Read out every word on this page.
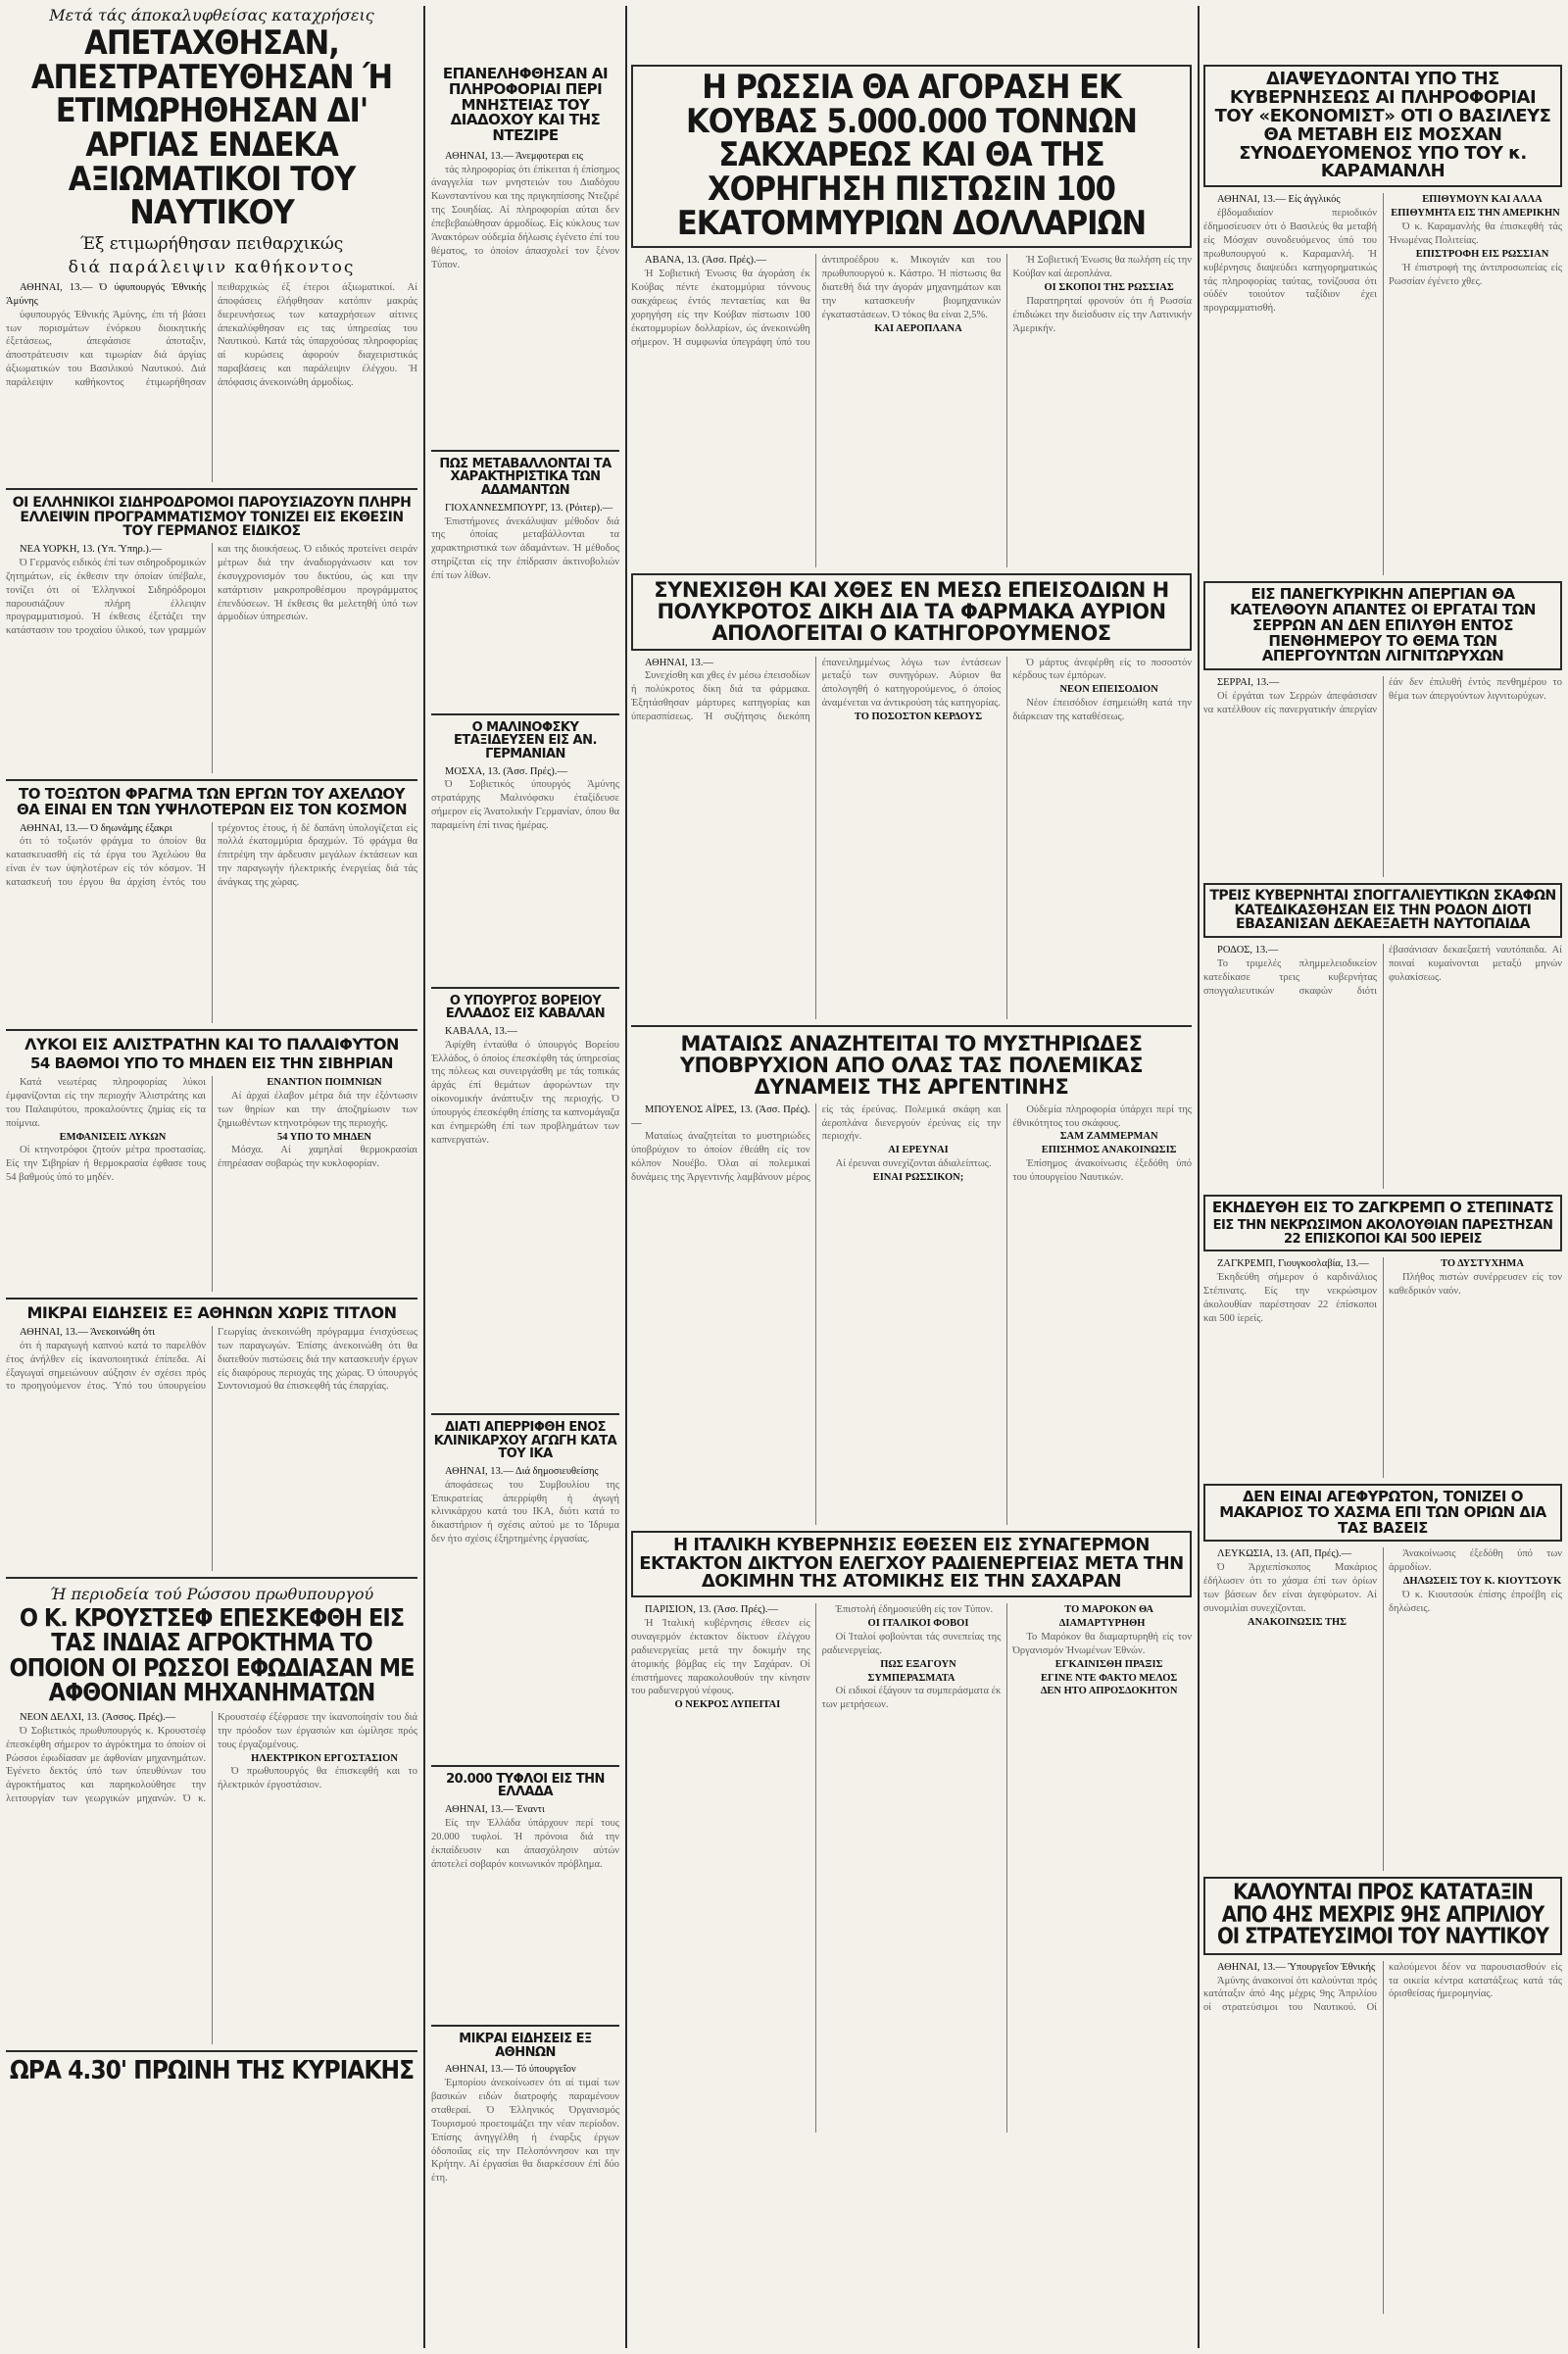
Μετά τάς άποκαλυφθείσας καταχρήσεις
ΑΠΕΤΑΧΘΗΣΑΝ, ΑΠΕΣΤΡΑΤΕΥΘΗΣΑΝ Ή ΕΤΙΜΩΡΗΘΗΣΑΝ ΔΙ' ΑΡΓΙΑΣ ΕΝΔΕΚΑ ΑΞΙΩΜΑΤΙΚΟΙ ΤΟΥ ΝΑΥΤΙΚΟΥ
Έξ ετιμωρήθησαν πειθαρχικώς
διά παράλειψιν καθήκοντος

ΑΘΗΝΑΙ, 13.— Ό ύφυπουργός Έθνικής Άμύνης

ύφυπουργός Έθνικής Άμύνης, έπι τή βάσει των πορισμάτων ένόρκου διοικητικής έξετάσεως, άπεφάσισε άποταξιν, άποστράτευσιν και τιμωρίαν διά άργίας άξιωματικών του Βασιλικού Ναυτικού. Διά παράλειψιν καθήκοντος έτιμωρήθησαν πειθαρχικώς έξ έτεροι άξιωματικοί. Αί άποφάσεις έλήφθησαν κατόπιν μακράς διερευνήσεως των καταχρήσεων αίτινες άπεκαλύφθησαν εις τας ύπηρεσίας του Ναυτικού. Κατά τάς ύπαρχούσας πληροφορίας αί κυρώσεις άφορούν διαχειριστικάς παραβάσεις και παράλειψιν έλέγχου. Ή άπόφασις άνεκοινώθη άρμοδίως.

ΟΙ ΕΛΛΗΝΙΚΟΙ ΣΙΔΗΡΟΔΡΟΜΟΙ ΠΑΡΟΥΣΙΑΖΟΥΝ ΠΛΗΡΗ ΕΛΛΕΙΨΙΝ ΠΡΟΓΡΑΜΜΑΤΙΣΜΟΥ ΤΟΝΙΖΕΙ ΕΙΣ ΕΚΘΕΣΙΝ ΤΟΥ ΓΕΡΜΑΝΟΣ ΕΙΔΙΚΟΣ

ΝΕΑ ΥΟΡΚΗ, 13. (Υπ. Ύπηρ.).—

Ό Γερμανός ειδικός έπί των σιδηροδρομικών ζητημάτων, είς έκθεσιν την όποίαν ύπέβαλε, τονίζει ότι οί Έλληνικοί Σιδηρόδρομοι παρουσιάζουν πλήρη έλλειψιν προγραμματισμού. Ή έκθεσις έξετάζει την κατάστασιν του τροχαίου ύλικού, των γραμμών και της διοικήσεως. Ό ειδικός προτείνει σειράν μέτρων διά την άναδιοργάνωσιν και τον έκσυγχρονισμόν του δικτύου, ώς και την κατάρτισιν μακροπροθέσμου προγράμματος έπενδύσεων. Ή έκθεσις θα μελετηθή ύπό των άρμοδίων ύπηρεσιών.

ΤΟ ΤΟΞΩΤΟΝ ΦΡΑΓΜΑ ΤΩΝ ΕΡΓΩΝ ΤΟΥ ΑΧΕΛΩΟΥ ΘΑ ΕΙΝΑΙ ΕΝ ΤΩΝ ΥΨΗΛΟΤΕΡΩΝ ΕΙΣ ΤΟΝ ΚΟΣΜΟΝ

ΑΘΗΝΑΙ, 13.— Ό δηωνάμης έξακρι

ότι τό τοξωτόν φράγμα το όποίον θα κατασκευασθή είς τά έργα του Άχελώου θα είναι έν των ύψηλοτέρων είς τόν κόσμον. Ή κατασκευή του έργου θα άρχίση έντός του τρέχοντος έτους, ή δέ δαπάνη ύπολογίζεται είς πολλά έκατομμύρια δραχμών. Τό φράγμα θα έπιτρέψη την άρδευσιν μεγάλων έκτάσεων και την παραγωγήν ήλεκτρικής ένεργείας διά τάς άνάγκας της χώρας.

ΛΥΚΟΙ ΕΙΣ ΑΛΙΣΤΡΑΤΗΝ ΚΑΙ ΤΟ ΠΑΛΑΙΦΥΤΟΝ
54 ΒΑΘΜΟΙ ΥΠΟ ΤΟ ΜΗΔΕΝ ΕΙΣ ΤΗΝ ΣΙΒΗΡΙΑΝ

Κατά νεωτέρας πληροφορίας λύκοι έμφανίζονται είς την περιοχήν Άλιστράτης και του Παλαιφύτου, προκαλούντες ζημίας είς τα ποίμνια.

ΕΜΦΑΝΙΣΕΙΣ ΛΥΚΩΝ

Οί κτηνοτρόφοι ζητούν μέτρα προστασίας. Είς την Σιβηρίαν ή θερμοκρασία έφθασε τους 54 βαθμούς ύπό το μηδέν.

ΕΝΑΝΤΙΟΝ ΠΟΙΜΝΙΩΝ

Αί άρχαί έλαβον μέτρα διά την έξόντωσιν των θηρίων και την άποζημίωσιν των ζημιωθέντων κτηνοτρόφων της περιοχής.

54 ΥΠΟ ΤΟ ΜΗΔΕΝ

Μόσχα. Αί χαμηλαί θερμοκρασίαι έπηρέασαν σοβαρώς την κυκλοφορίαν.

ΜΙΚΡΑΙ ΕΙΔΗΣΕΙΣ ΕΞ ΑΘΗΝΩΝ ΧΩΡΙΣ ΤΙΤΛΟΝ

ΑΘΗΝΑΙ, 13.— Άνεκοινώθη ότι

ότι ή παραγωγή καπνού κατά το παρελθόν έτος άνήλθεν είς ίκανοποιητικά έπίπεδα. Αί έξαγωγαί σημειώνουν αύξησιν έν σχέσει πρός το προηγούμενον έτος. Ύπό του ύπουργείου Γεωργίας άνεκοινώθη πρόγραμμα ένισχύσεως των παραγωγών. Έπίσης άνεκοινώθη ότι θα διατεθούν πιστώσεις διά την κατασκευήν έργων είς διαφόρους περιοχάς της χώρας. Ό ύπουργός Συντονισμού θα έπισκεφθή τάς έπαρχίας.

Ή περιοδεία τού Ρώσσου πρωθυπουργού
Ο Κ. ΚΡΟΥΣΤΣΕΦ ΕΠΕΣΚΕΦΘΗ ΕΙΣ ΤΑΣ ΙΝΔΙΑΣ ΑΓΡΟΚΤΗΜΑ ΤΟ ΟΠΟΙΟΝ ΟΙ ΡΩΣΣΟΙ ΕΦΩΔΙΑΣΑΝ ΜΕ ΑΦΘΟΝΙΑΝ ΜΗΧΑΝΗΜΑΤΩΝ

ΝΕΟΝ ΔΕΛΧΙ, 13. (Άσσος. Πρές).—

Ό Σοβιετικός πρωθυπουργός κ. Κρουστσέφ έπεσκέφθη σήμερον το άγρόκτημα το όποίον οί Ρώσσοι έφωδίασαν με άφθονίαν μηχανημάτων. Έγένετο δεκτός ύπό των ύπευθύνων του άγροκτήματος και παρηκολούθησε την λειτουργίαν των γεωργικών μηχανών. Ό κ. Κρουστσέφ έξέφρασε την ίκανοποίησίν του διά την πρόοδον των έργασιών και ώμίλησε πρός τους έργαζομένους.

ΗΛΕΚΤΡΙΚΟΝ ΕΡΓΟΣΤΑΣΙΟΝ

Ό πρωθυπουργός θα έπισκεφθή και το ήλεκτρικόν έργοστάσιον.

ΩΡΑ 4.30' ΠΡΩΙΝΗ ΤΗΣ ΚΥΡΙΑΚΗΣ
ΕΠΑΝΕΛΗΦΘΗΣΑΝ ΑΙ ΠΛΗΡΟΦΟΡΙΑΙ ΠΕΡΙ ΜΝΗΣΤΕΙΑΣ ΤΟΥ ΔΙΑΔΟΧΟΥ ΚΑΙ ΤΗΣ ΝΤΕΖΙΡΕ

ΑΘΗΝΑΙ, 13.— Άνεμφοτεραι εις

τάς πληροφορίας ότι έπίκειται ή έπίσημος άναγγελία των μνηστειών του Διαδόχου Κωνσταντίνου και της πριγκηπίσσης Ντεζιρέ της Σουηδίας. Αί πληροφορίαι αύται δεν έπεβεβαιώθησαν άρμοδίως. Είς κύκλους των Άνακτόρων ούδεμία δήλωσις έγένετο έπί του θέματος, το όποίον άπασχολεί τον ξένον Τύπον.

ΠΩΣ ΜΕΤΑΒΑΛΛΟΝΤΑΙ ΤΑ ΧΑΡΑΚΤΗΡΙΣΤΙΚΑ ΤΩΝ ΑΔΑΜΑΝΤΩΝ

ΓΙΟΧΑΝΝΕΣΜΠΟΥΡΓ, 13. (Ρόιτερ).—

Έπιστήμονες άνεκάλυψαν μέθοδον διά της όποίας μεταβάλλονται τα χαρακτηριστικά των άδαμάντων. Ή μέθοδος στηρίζεται είς την έπίδρασιν άκτινοβολιών έπί των λίθων.

Ο ΜΑΛΙΝΟΦΣΚΥ ΕΤΑΞΙΔΕΥΣΕΝ ΕΙΣ ΑΝ. ΓΕΡΜΑΝΙΑΝ

ΜΟΣΧΑ, 13. (Άσσ. Πρές).—

Ό Σοβιετικός ύπουργός Άμύνης στρατάρχης Μαλινόφσκυ έταξίδευσε σήμερον είς Άνατολικήν Γερμανίαν, όπου θα παραμείνη έπί τινας ήμέρας.

Ο ΥΠΟΥΡΓΟΣ ΒΟΡΕΙΟΥ ΕΛΛΑΔΟΣ ΕΙΣ ΚΑΒΑΛΑΝ

ΚΑΒΑΛΑ, 13.—

Άφίχθη ένταύθα ό ύπουργός Βορείου Έλλάδος, ό όποίος έπεσκέφθη τάς ύπηρεσίας της πόλεως και συνειργάσθη με τάς τοπικάς άρχάς έπί θεμάτων άφορώντων την οίκονομικήν άνάπτυξιν της περιοχής. Ό ύπουργός έπεσκέφθη έπίσης τα καπνομάγαζα και ένημερώθη έπί των προβλημάτων των καπνεργατών.

ΔΙΑΤΙ ΑΠΕΡΡΙΦΘΗ ΕΝΟΣ ΚΛΙΝΙΚΑΡΧΟΥ ΑΓΩΓΗ ΚΑΤΑ ΤΟΥ ΙΚΑ

ΑΘΗΝΑΙ, 13.— Διά δημοσιευθείσης

άποφάσεως του Συμβουλίου της Έπικρατείας άπερρίφθη ή άγωγή κλινικάρχου κατά του ΙΚΑ, διότι κατά το δικαστήριον ή σχέσις αύτού με το Ίδρυμα δεν ήτο σχέσις έξηρτημένης έργασίας.

20.000 ΤΥΦΛΟΙ ΕΙΣ ΤΗΝ ΕΛΛΑΔΑ

ΑΘΗΝΑΙ, 13.— Έναντι

Είς την Έλλάδα ύπάρχουν περί τους 20.000 τυφλοί. Ή πρόνοια διά την έκπαίδευσιν και άπασχόλησιν αύτών άποτελεί σοβαρόν κοινωνικόν πρόβλημα.

ΜΙΚΡΑΙ ΕΙΔΗΣΕΙΣ ΕΞ ΑΘΗΝΩΝ

ΑΘΗΝΑΙ, 13.— Τό ύπουργεΐον

Έμπορίου άνεκοίνωσεν ότι αί τιμαί των βασικών ειδών διατροφής παραμένουν σταθεραί. Ό Έλληνικός Όργανισμός Τουρισμού προετοιμάζει την νέαν περίοδον. Έπίσης άνηγγέλθη ή έναρξις έργων όδοποιΐας είς την Πελοπόννησον και την Κρήτην. Αί έργασίαι θα διαρκέσουν έπί δύο έτη.

Η ΡΩΣΣΙΑ ΘΑ ΑΓΟΡΑΣΗ ΕΚ ΚΟΥΒΑΣ 5.000.000 ΤΟΝΝΩΝ ΣΑΚΧΑΡΕΩΣ ΚΑΙ ΘΑ ΤΗΣ ΧΟΡΗΓΗΣΗ ΠΙΣΤΩΣΙΝ 100 ΕΚΑΤΟΜΜΥΡΙΩΝ ΔΟΛΛΑΡΙΩΝ

ΑΒΑΝΑ, 13. (Άσσ. Πρές).—

Ή Σοβιετική Ένωσις θα άγοράση έκ Κούβας πέντε έκατομμύρια τόννους σακχάρεως έντός πενταετίας και θα χορηγήση είς την Κούβαν πίστωσιν 100 έκατομμυρίων δολλαρίων, ώς άνεκοινώθη σήμερον. Ή συμφωνία ύπεγράφη ύπό του άντιπροέδρου κ. Μικογιάν και του πρωθυπουργού κ. Κάστρο. Ή πίστωσις θα διατεθή διά την άγοράν μηχανημάτων και την κατασκευήν βιομηχανικών έγκαταστάσεων. Ό τόκος θα είναι 2,5%.

ΚΑΙ ΑΕΡΟΠΛΑΝΑ

Ή Σοβιετική Ένωσις θα πωλήση είς την Κούβαν καί άεροπλάνα.

ΟΙ ΣΚΟΠΟΙ ΤΗΣ ΡΩΣΣΙΑΣ

Παρατηρηταί φρονούν ότι ή Ρωσσία έπιδιώκει την διείσδυσιν είς την Λατινικήν Άμερικήν.

ΣΥΝΕΧΙΣΘΗ ΚΑΙ ΧΘΕΣ ΕΝ ΜΕΣΩ ΕΠΕΙΣΟΔΙΩΝ Η ΠΟΛΥΚΡΟΤΟΣ ΔΙΚΗ ΔΙΑ ΤΑ ΦΑΡΜΑΚΑ ΑΥΡΙΟΝ ΑΠΟΛΟΓΕΙΤΑΙ Ο ΚΑΤΗΓΟΡΟΥΜΕΝΟΣ

ΑΘΗΝΑΙ, 13.—

Συνεχίσθη και χθες έν μέσω έπεισοδίων ή πολύκροτος δίκη διά τα φάρμακα. Έξητάσθησαν μάρτυρες κατηγορίας και ύπερασπίσεως. Ή συζήτησις διεκόπη έπανειλημμένως λόγω των έντάσεων μεταξύ των συνηγόρων. Αύριον θα άπολογηθή ό κατηγορούμενος, ό όποίος άναμένεται να άντικρούση τάς κατηγορίας.

ΤΟ ΠΟΣΟΣΤΟΝ ΚΕΡΔΟΥΣ

Ό μάρτυς άνεφέρθη είς το ποσοστόν κέρδους των έμπόρων.

ΝΕΟΝ ΕΠΕΙΣΟΔΙΟΝ

Νέον έπεισόδιον έσημειώθη κατά την διάρκειαν της καταθέσεως.

ΜΑΤΑΙΩΣ ΑΝΑΖΗΤΕΙΤΑΙ ΤΟ ΜΥΣΤΗΡΙΩΔΕΣ ΥΠΟΒΡΥΧΙΟΝ ΑΠΟ ΟΛΑΣ ΤΑΣ ΠΟΛΕΜΙΚΑΣ ΔΥΝΑΜΕΙΣ ΤΗΣ ΑΡΓΕΝΤΙΝΗΣ

ΜΠΟΥΕΝΟΣ ΑΪΡΕΣ, 13. (Άσσ. Πρές).—

Ματαίως άναζητείται το μυστηριώδες ύποβρύχιον το όποίον έθεάθη είς τον κόλπον Νουέβο. Όλαι αί πολεμικαί δυνάμεις της Άργεντινής λαμβάνουν μέρος είς τάς έρεύνας. Πολεμικά σκάφη και άεροπλάνα διενεργούν έρεύνας είς την περιοχήν.

ΑΙ ΕΡΕΥΝΑΙ

Αί έρευναι συνεχίζονται άδιαλείπτως.

ΕΙΝΑΙ ΡΩΣΣΙΚΟΝ;

Ούδεμία πληροφορία ύπάρχει περί της έθνικότητος του σκάφους.

ΣΑΜ ΖΑΜΜΕΡΜΑΝ

ΕΠΙΣΗΜΟΣ ΑΝΑΚΟΙΝΩΣΙΣ

Έπίσημος άνακοίνωσις έξεδόθη ύπό του ύπουργείου Ναυτικών.

Η ΙΤΑΛΙΚΗ ΚΥΒΕΡΝΗΣΙΣ ΕΘΕΣΕΝ ΕΙΣ ΣΥΝΑΓΕΡΜΟΝ ΕΚΤΑΚΤΟΝ ΔΙΚΤΥΟΝ ΕΛΕΓΧΟΥ ΡΑΔΙΕΝΕΡΓΕΙΑΣ ΜΕΤΑ ΤΗΝ ΔΟΚΙΜΗΝ ΤΗΣ ΑΤΟΜΙΚΗΣ ΕΙΣ ΤΗΝ ΣΑΧΑΡΑΝ

ΠΑΡΙΣΙΟΝ, 13. (Άσσ. Πρές).—

Ή Ίταλική κυβέρνησις έθεσεν είς συναγερμόν έκτακτον δίκτυον έλέγχου ραδιενεργείας μετά την δοκιμήν της άτομικής βόμβας είς την Σαχάραν. Οί έπιστήμονες παρακολουθούν την κίνησιν του ραδιενεργού νέφους.

Ο ΝΕΚΡΟΣ ΛΥΠΕΙΤΑΙ

Έπιστολή έδημοσιεύθη είς τον Τύπον.

ΟΙ ΙΤΑΛΙΚΟΙ ΦΟΒΟΙ

Οί Ίταλοί φοβούνται τάς συνεπείας της ραδιενεργείας.

ΠΩΣ ΕΞΑΓΟΥΝ ΣΥΜΠΕΡΑΣΜΑΤΑ

Οί ειδικοί έξάγουν τα συμπεράσματα έκ των μετρήσεων.

ΤΟ ΜΑΡΟΚΟΝ ΘΑ ΔΙΑΜΑΡΤΥΡΗΘΗ

Το Μαρόκον θα διαμαρτυρηθή είς τον Όργανισμόν Ήνωμένων Έθνών.

ΕΓΚΑΙΝΙΣΘΗ ΠΡΑΞΙΣ

ΕΓΙΝΕ ΝΤΕ ΦΑΚΤΟ ΜΕΛΟΣ

ΔΕΝ ΗΤΟ ΑΠΡΟΣΔΟΚΗΤΟΝ

ΔΙΑΨΕΥΔΟΝΤΑΙ ΥΠΟ ΤΗΣ ΚΥΒΕΡΝΗΣΕΩΣ ΑΙ ΠΛΗΡΟΦΟΡΙΑΙ ΤΟΥ «ΕΚΟΝΟΜΙΣΤ» ΟΤΙ Ο ΒΑΣΙΛΕΥΣ ΘΑ ΜΕΤΑΒΗ ΕΙΣ ΜΟΣΧΑΝ ΣΥΝΟΔΕΥΟΜΕΝΟΣ ΥΠΟ ΤΟΥ κ. ΚΑΡΑΜΑΝΛΗ

ΑΘΗΝΑΙ, 13.— Είς άγγλικός

έβδομαδιαίον περιοδικόν έδημοσίευσεν ότι ό Βασιλεύς θα μεταβή είς Μόσχαν συνοδευόμενος ύπό του πρωθυπουργού κ. Καραμανλή. Ή κυβέρνησις διαψεύδει κατηγορηματικώς τάς πληροφορίας ταύτας, τονίζουσα ότι ούδέν τοιούτον ταξίδιον έχει προγραμματισθή.

ΕΠΙΘΥΜΟΥΝ ΚΑΙ ΑΛΛΑ ΕΠΙΘΥΜΗΤΑ ΕΙΣ ΤΗΝ ΑΜΕΡΙΚΗΝ

Ό κ. Καραμανλής θα έπισκεφθή τάς Ήνωμένας Πολιτείας.

ΕΠΙΣΤΡΟΦΗ ΕΙΣ ΡΩΣΣΙΑΝ

Ή έπιστροφή της άντιπροσωπείας είς Ρωσσίαν έγένετο χθες.

ΕΙΣ ΠΑΝΕΓΚΥΡΙΚΗΝ ΑΠΕΡΓΙΑΝ ΘΑ ΚΑΤΕΛΘΟΥΝ ΑΠΑΝΤΕΣ ΟΙ ΕΡΓΑΤΑΙ ΤΩΝ ΣΕΡΡΩΝ ΑΝ ΔΕΝ ΕΠΙΛΥΘΗ ΕΝΤΟΣ ΠΕΝΘΗΜΕΡΟΥ ΤΟ ΘΕΜΑ ΤΩΝ ΑΠΕΡΓΟΥΝΤΩΝ ΛΙΓΝΙΤΩΡΥΧΩΝ

ΣΕΡΡΑΙ, 13.—

Οί έργάται των Σερρών άπεφάσισαν να κατέλθουν είς πανεργατικήν άπεργίαν έάν δεν έπιλυθή έντός πενθημέρου το θέμα των άπεργούντων λιγνιτωρύχων.

ΤΡΕΙΣ ΚΥΒΕΡΝΗΤΑΙ ΣΠΟΓΓΑΛΙΕΥΤΙΚΩΝ ΣΚΑΦΩΝ ΚΑΤΕΔΙΚΑΣΘΗΣΑΝ ΕΙΣ ΤΗΝ ΡΟΔΟΝ ΔΙΟΤΙ ΕΒΑΣΑΝΙΣΑΝ ΔΕΚΑΕΞΑΕΤΗ ΝΑΥΤΟΠΑΙΔΑ

ΡΟΔΟΣ, 13.—

Το τριμελές πλημμελειοδικείον κατεδίκασε τρεις κυβερνήτας σπογγαλιευτικών σκαφών διότι έβασάνισαν δεκαεξαετή ναυτόπαιδα. Αί ποιναί κυμαίνονται μεταξύ μηνών φυλακίσεως.

ΕΚΗΔΕΥΘΗ ΕΙΣ ΤΟ ΖΑΓΚΡΕΜΠ Ο ΣΤΕΠΙΝΑΤΣ
ΕΙΣ ΤΗΝ ΝΕΚΡΩΣΙΜΟΝ ΑΚΟΛΟΥΘΙΑΝ ΠΑΡΕΣΤΗΣΑΝ 22 ΕΠΙΣΚΟΠΟΙ ΚΑΙ 500 ΙΕΡΕΙΣ

ΖΑΓΚΡΕΜΠ, Γιουγκοσλαβία, 13.—

Έκηδεύθη σήμερον ό καρδινάλιος Στέπινατς. Είς την νεκρώσιμον άκολουθίαν παρέστησαν 22 έπίσκοποι και 500 ίερείς.

ΤΟ ΔΥΣΤΥΧΗΜΑ

Πλήθος πιστών συνέρρευσεν είς τον καθεδρικόν ναόν.

ΔΕΝ ΕΙΝΑΙ ΑΓΕΦΥΡΩΤΟΝ, ΤΟΝΙΖΕΙ Ο ΜΑΚΑΡΙΟΣ ΤΟ ΧΑΣΜΑ ΕΠΙ ΤΩΝ ΟΡΙΩΝ ΔΙΑ ΤΑΣ ΒΑΣΕΙΣ

ΛΕΥΚΩΣΙΑ, 13. (ΑΠ, Πρές).—

Ό Άρχιεπίσκοπος Μακάριος έδήλωσεν ότι το χάσμα έπί των όρίων των βάσεων δεν είναι άγεφύρωτον. Αί συνομιλίαι συνεχίζονται.

ΑΝΑΚΟΙΝΩΣΙΣ ΤΗΣ

Άνακοίνωσις έξεδόθη ύπό των άρμοδίων.

ΔΗΛΩΣΕΙΣ ΤΟΥ Κ. ΚΙΟΥΤΣΟΥΚ

Ό κ. Κιουτσούκ έπίσης έπροέβη είς δηλώσεις.

ΚΑΛΟΥΝΤΑΙ ΠΡΟΣ ΚΑΤΑΤΑΞΙΝ ΑΠΟ 4ΗΣ ΜΕΧΡΙΣ 9ΗΣ ΑΠΡΙΛΙΟΥ ΟΙ ΣΤΡΑΤΕΥΣΙΜΟΙ ΤΟΥ ΝΑΥΤΙΚΟΥ

ΑΘΗΝΑΙ, 13.— Ύπουργεΐον Έθνικής

Άμύνης άνακοινοί ότι καλούνται πρός κατάταξιν άπό 4ης μέχρις 9ης Άπριλίου οί στρατεύσιμοι του Ναυτικού. Οί καλούμενοι δέον να παρουσιασθούν είς τα οικεία κέντρα κατατάξεως κατά τάς όρισθείσας ήμερομηνίας.
